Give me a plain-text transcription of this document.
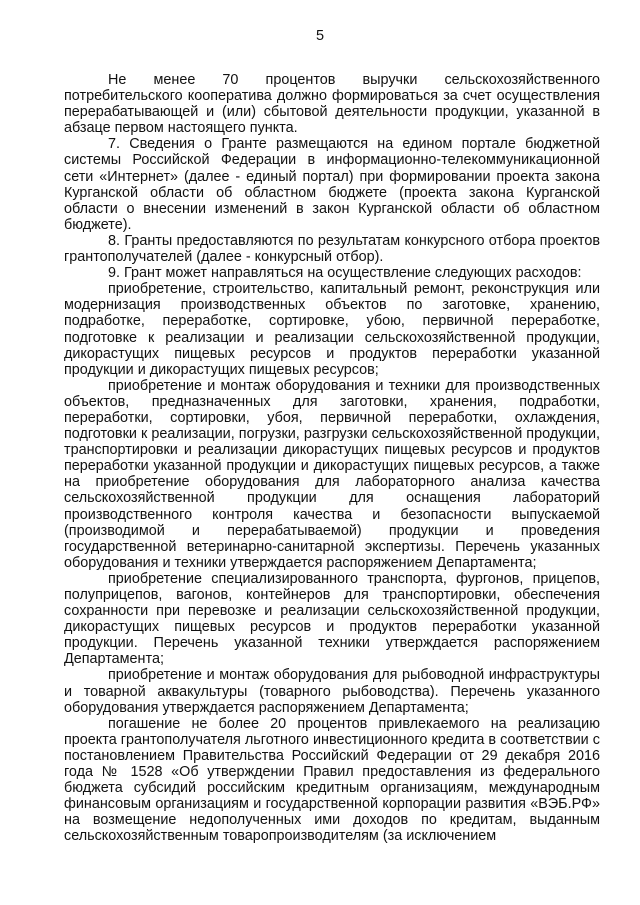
5

Не менее 70 процентов выручки сельскохозяйственного потребительского кооператива должно формироваться за счет осуществления перерабатывающей и (или) сбытовой деятельности продукции, указанной в абзаце первом настоящего пункта.

7. Сведения о Гранте размещаются на едином портале бюджетной системы Российской Федерации в информационно-телекоммуникационной сети «Интернет» (далее - единый портал) при формировании проекта закона Курганской области об областном бюджете (проекта закона Курганской области о внесении изменений в закон Курганской области об областном бюджете).

8. Гранты предоставляются по результатам конкурсного отбора проектов грантополучателей (далее - конкурсный отбор).

9. Грант может направляться на осуществление следующих расходов:

приобретение, строительство, капитальный ремонт, реконструкция или модернизация производственных объектов по заготовке, хранению, подработке, переработке, сортировке, убою, первичной переработке, подготовке к реализации и реализации сельскохозяйственной продукции, дикорастущих пищевых ресурсов и продуктов переработки указанной продукции и дикорастущих пищевых ресурсов;

приобретение и монтаж оборудования и техники для производственных объектов, предназначенных для заготовки, хранения, подработки, переработки, сортировки, убоя, первичной переработки, охлаждения, подготовки к реализации, погрузки, разгрузки сельскохозяйственной продукции, транспортировки и реализации дикорастущих пищевых ресурсов и продуктов переработки указанной продукции и дикорастущих пищевых ресурсов, а также на приобретение оборудования для лабораторного анализа качества сельскохозяйственной продукции для оснащения лабораторий производственного контроля качества и безопасности выпускаемой (производимой и перерабатываемой) продукции и проведения государственной ветеринарно-санитарной экспертизы. Перечень указанных оборудования и техники утверждается распоряжением Департамента;

приобретение специализированного транспорта, фургонов, прицепов, полуприцепов, вагонов, контейнеров для транспортировки, обеспечения сохранности при перевозке и реализации сельскохозяйственной продукции, дикорастущих пищевых ресурсов и продуктов переработки указанной продукции. Перечень указанной техники утверждается распоряжением Департамента;

приобретение и монтаж оборудования для рыбоводной инфраструктуры и товарной аквакультуры (товарного рыбоводства). Перечень указанного оборудования утверждается распоряжением Департамента;

погашение не более 20 процентов привлекаемого на реализацию проекта грантополучателя льготного инвестиционного кредита в соответствии с постановлением Правительства Российский Федерации от 29 декабря 2016 года № 1528 «Об утверждении Правил предоставления из федерального бюджета субсидий российским кредитным организациям, международным финансовым организациям и государственной корпорации развития «ВЭБ.РФ» на возмещение недополученных ими доходов по кредитам, выданным сельскохозяйственным товаропроизводителям (за исключением
